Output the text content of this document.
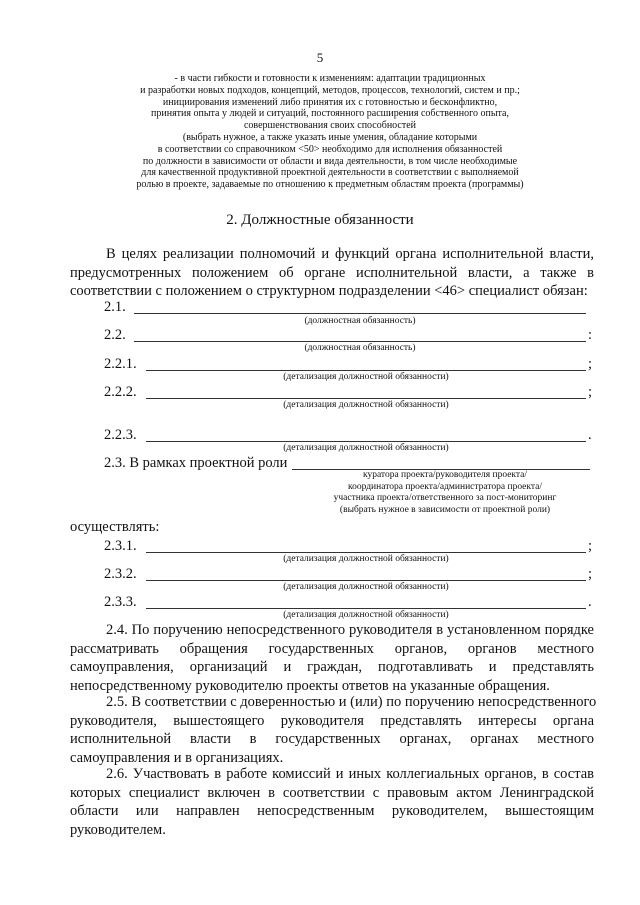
5
- в части гибкости и готовности к изменениям: адаптации традиционных
и разработки новых подходов, концепций, методов, процессов, технологий, систем и пр.;
инициирования изменений либо принятия их с готовностью и бесконфликтно,
принятия опыта у людей и ситуаций, постоянного расширения собственного опыта,
совершенствования своих способностей
(выбрать нужное, а также указать иные умения, обладание которыми
в соответствии со справочником <50> необходимо для исполнения обязанностей
по должности в зависимости от области и вида деятельности, в том числе необходимые
для качественной продуктивной проектной деятельности в соответствии с выполняемой
ролью в проекте, задаваемые по отношению к предметным областям проекта (программы)
2. Должностные обязанности
В целях реализации полномочий и функций органа исполнительной власти,
предусмотренных положением об органе исполнительной власти, а также в
соответствии с положением о структурном подразделении <46> специалист обязан:
2.1.
(должностная обязанность)
2.2.	:
(должностная обязанность)
2.2.1.	;
(детализация должностной обязанности)
2.2.2.	;
(детализация должностной обязанности)
2.2.3.	.
(детализация должностной обязанности)
2.3. В рамках проектной роли
куратора проекта/руководителя проекта/
координатора проекта/администратора проекта/
участника проекта/ответственного за пост-мониторинг
(выбрать нужное в зависимости от проектной роли)
осуществлять:
2.3.1.	;
(детализация должностной обязанности)
2.3.2.	;
(детализация должностной обязанности)
2.3.3.	.
(детализация должностной обязанности)
2.4. По поручению непосредственного руководителя в установленном порядке
рассматривать обращения государственных органов, органов местного
самоуправления, организаций и граждан, подготавливать и представлять
непосредственному руководителю проекты ответов на указанные обращения.
2.5. В соответствии с доверенностью и (или) по поручению непосредственного
руководителя, вышестоящего руководителя представлять интересы органа
исполнительной власти в государственных органах, органах местного
самоуправления и в организациях.
2.6. Участвовать в работе комиссий и иных коллегиальных органов, в состав
которых специалист включен в соответствии с правовым актом Ленинградской
области или направлен непосредственным руководителем, вышестоящим
руководителем.
